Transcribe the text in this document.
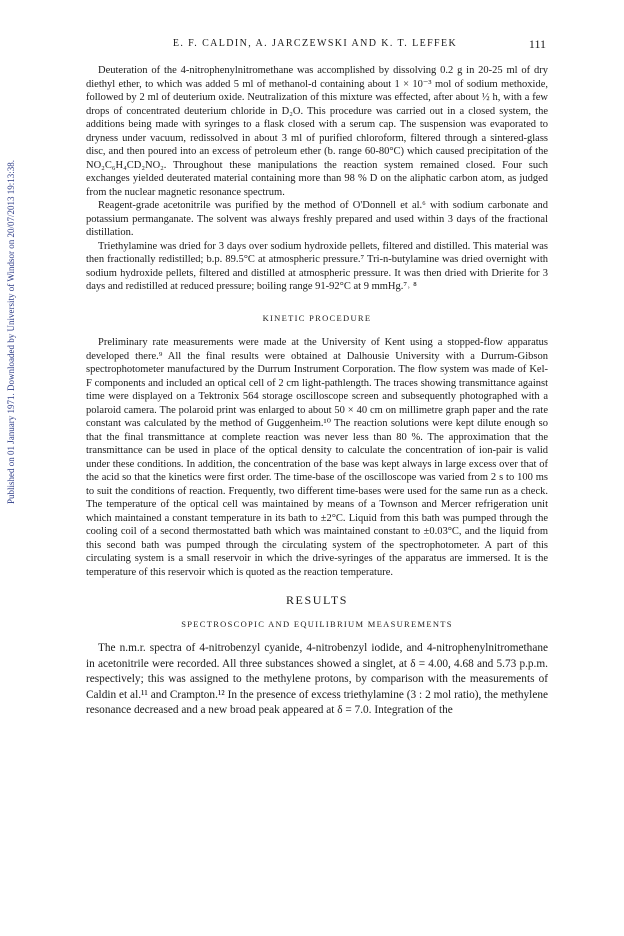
Published on 01 January 1971. Downloaded by University of Windsor on 20/07/2013 19:13:38.
E. F. CALDIN, A. JARCZEWSKI AND K. T. LEFFEK	111

Deuteration of the 4-nitrophenylnitromethane was accomplished by dissolving 0.2 g in 20-25 ml of dry diethyl ether, to which was added 5 ml of methanol-d containing about 1 × 10⁻³ mol of sodium methoxide, followed by 2 ml of deuterium oxide. Neutralization of this mixture was effected, after about ½ h, with a few drops of concentrated deuterium chloride in D₂O. This procedure was carried out in a closed system, the additions being made with syringes to a flask closed with a serum cap. The suspension was evaporated to dryness under vacuum, redissolved in about 3 ml of purified chloroform, filtered through a sintered-glass disc, and then poured into an excess of petroleum ether (b. range 60-80°C) which caused precipitation of the NO₂C₆H₄CD₂NO₂. Throughout these manipulations the reaction system remained closed. Four such exchanges yielded deuterated material containing more than 98 % D on the aliphatic carbon atom, as judged from the nuclear magnetic resonance spectrum.

Reagent-grade acetonitrile was purified by the method of O'Donnell et al.⁶ with sodium carbonate and potassium permanganate. The solvent was always freshly prepared and used within 3 days of the fractional distillation.

Triethylamine was dried for 3 days over sodium hydroxide pellets, filtered and distilled. This material was then fractionally redistilled; b.p. 89.5°C at atmospheric pressure.⁷ Tri-n-butylamine was dried overnight with sodium hydroxide pellets, filtered and distilled at atmospheric pressure. It was then dried with Drierite for 3 days and redistilled at reduced pressure; boiling range 91-92°C at 9 mmHg.⁷˒ ⁸

KINETIC PROCEDURE

Preliminary rate measurements were made at the University of Kent using a stopped-flow apparatus developed there.⁹ All the final results were obtained at Dalhousie University with a Durrum-Gibson spectrophotometer manufactured by the Durrum Instrument Corporation. The flow system was made of Kel-F components and included an optical cell of 2 cm light-pathlength. The traces showing transmittance against time were displayed on a Tektronix 564 storage oscilloscope screen and subsequently photographed with a polaroid camera. The polaroid print was enlarged to about 50 × 40 cm on millimetre graph paper and the rate constant was calculated by the method of Guggenheim.¹⁰ The reaction solutions were kept dilute enough so that the final transmittance at complete reaction was never less than 80 %. The approximation that the transmittance can be used in place of the optical density to calculate the concentration of ion-pair is valid under these conditions. In addition, the concentration of the base was kept always in large excess over that of the acid so that the kinetics were first order. The time-base of the oscilloscope was varied from 2 s to 100 ms to suit the conditions of reaction. Frequently, two different time-bases were used for the same run as a check. The temperature of the optical cell was maintained by means of a Townson and Mercer refrigeration unit which maintained a constant temperature in its bath to ±2°C. Liquid from this bath was pumped through the cooling coil of a second thermostatted bath which was maintained constant to ±0.03°C, and the liquid from this second bath was pumped through the circulating system of the spectrophotometer. A part of this circulating system is a small reservoir in which the drive-syringes of the apparatus are immersed. It is the temperature of this reservoir which is quoted as the reaction temperature.

RESULTS
SPECTROSCOPIC AND EQUILIBRIUM MEASUREMENTS

The n.m.r. spectra of 4-nitrobenzyl cyanide, 4-nitrobenzyl iodide, and 4-nitrophenylnitromethane in acetonitrile were recorded. All three substances showed a singlet, at δ = 4.00, 4.68 and 5.73 p.p.m. respectively; this was assigned to the methylene protons, by comparison with the measurements of Caldin et al.¹¹ and Crampton.¹² In the presence of excess triethylamine (3 : 2 mol ratio), the methylene resonance decreased and a new broad peak appeared at δ = 7.0. Integration of the
